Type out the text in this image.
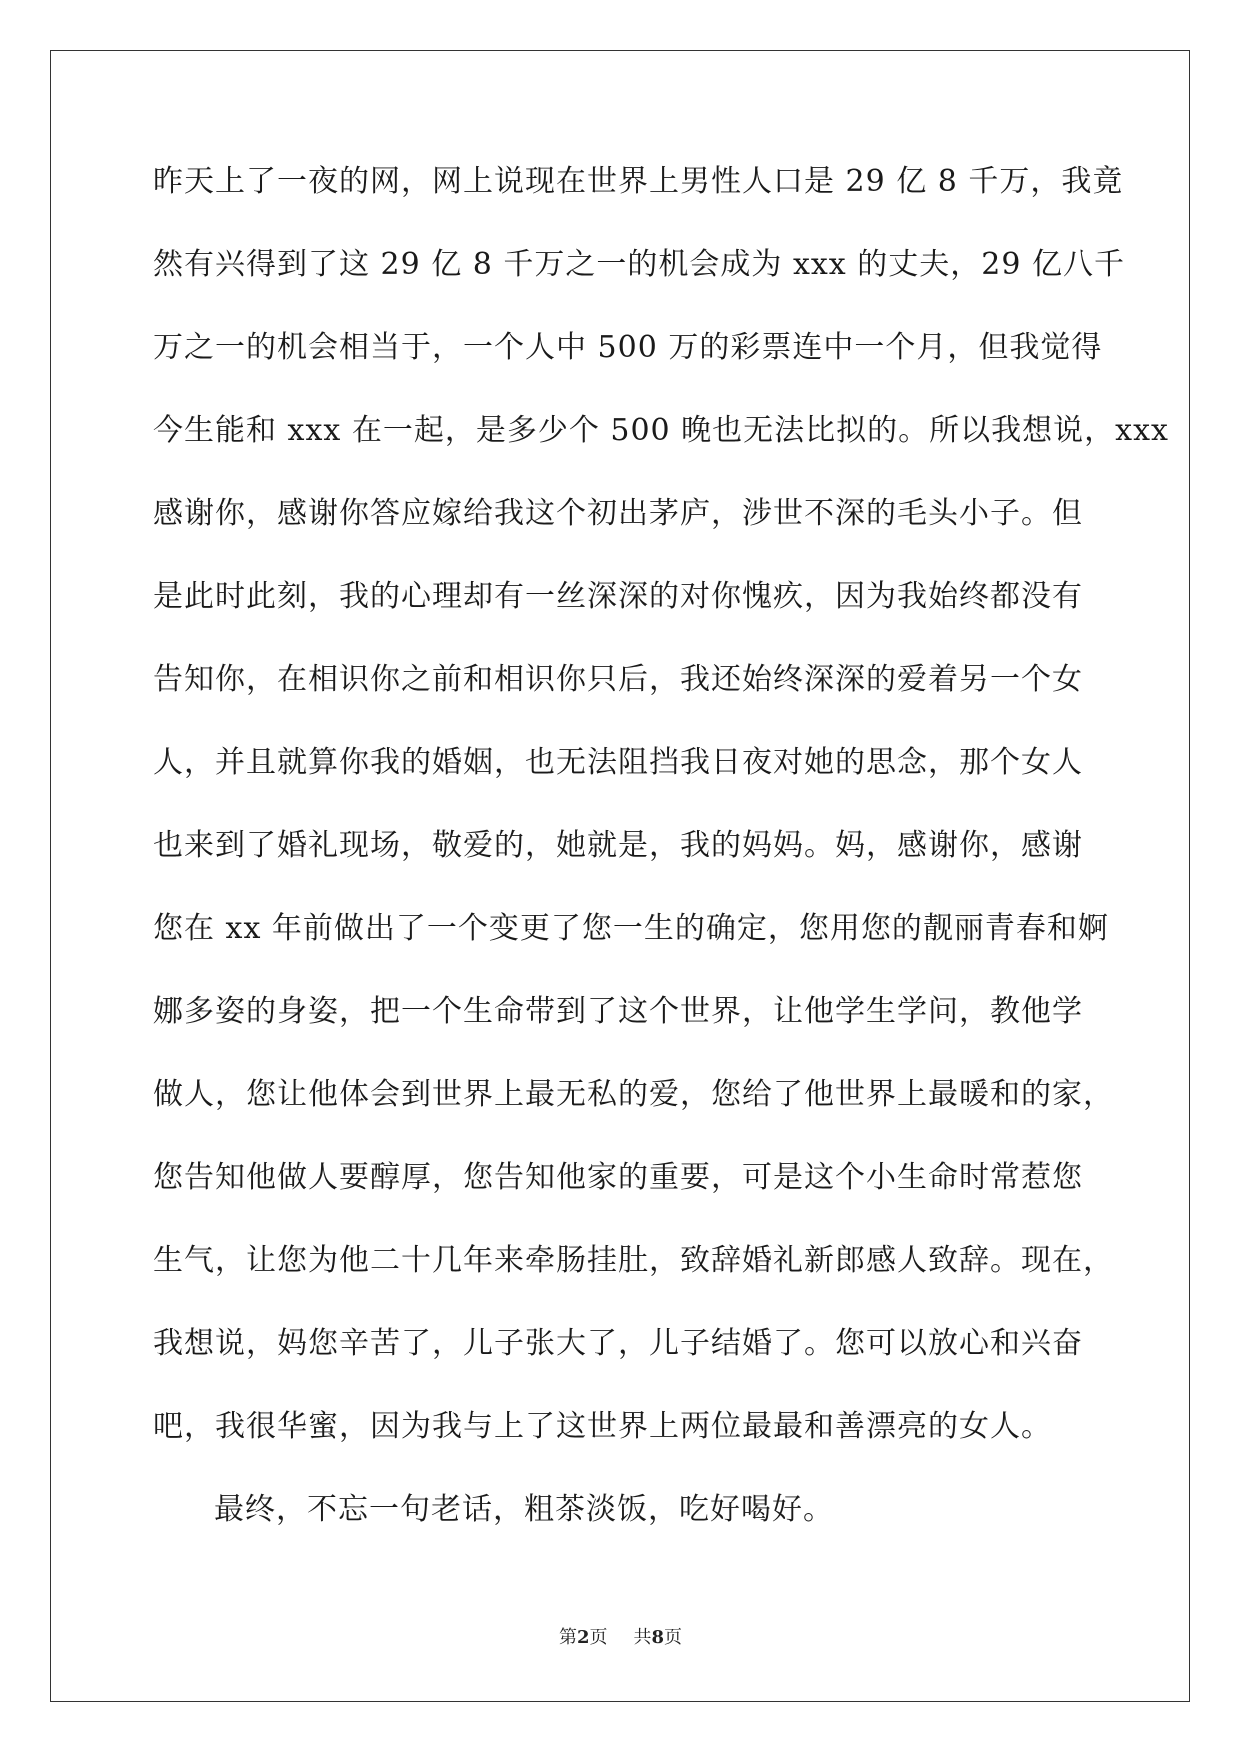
昨天上了一夜的网，网上说现在世界上男性人口是 29 亿 8 千万，我竟
然有兴得到了这 29 亿 8 千万之一的机会成为 xxx 的丈夫，29 亿八千
万之一的机会相当于，一个人中 500 万的彩票连中一个月，但我觉得
今生能和 xxx 在一起，是多少个 500 晚也无法比拟的。所以我想说，xxx
感谢你，感谢你答应嫁给我这个初出茅庐，涉世不深的毛头小子。但
是此时此刻，我的心理却有一丝深深的对你愧疚，因为我始终都没有
告知你，在相识你之前和相识你只后，我还始终深深的爱着另一个女
人，并且就算你我的婚姻，也无法阻挡我日夜对她的思念，那个女人
也来到了婚礼现场，敬爱的，她就是，我的妈妈。妈，感谢你，感谢
您在 xx 年前做出了一个变更了您一生的确定，您用您的靓丽青春和婀
娜多姿的身姿，把一个生命带到了这个世界，让他学生学问，教他学
做人，您让他体会到世界上最无私的爱，您给了他世界上最暖和的家，
您告知他做人要醇厚，您告知他家的重要，可是这个小生命时常惹您
生气，让您为他二十几年来牵肠挂肚，致辞婚礼新郎感人致辞。现在，
我想说，妈您辛苦了，儿子张大了，儿子结婚了。您可以放心和兴奋
吧，我很华蜜，因为我与上了这世界上两位最最和善漂亮的女人。
最终，不忘一句老话，粗茶淡饭，吃好喝好。
第2页 共8页
